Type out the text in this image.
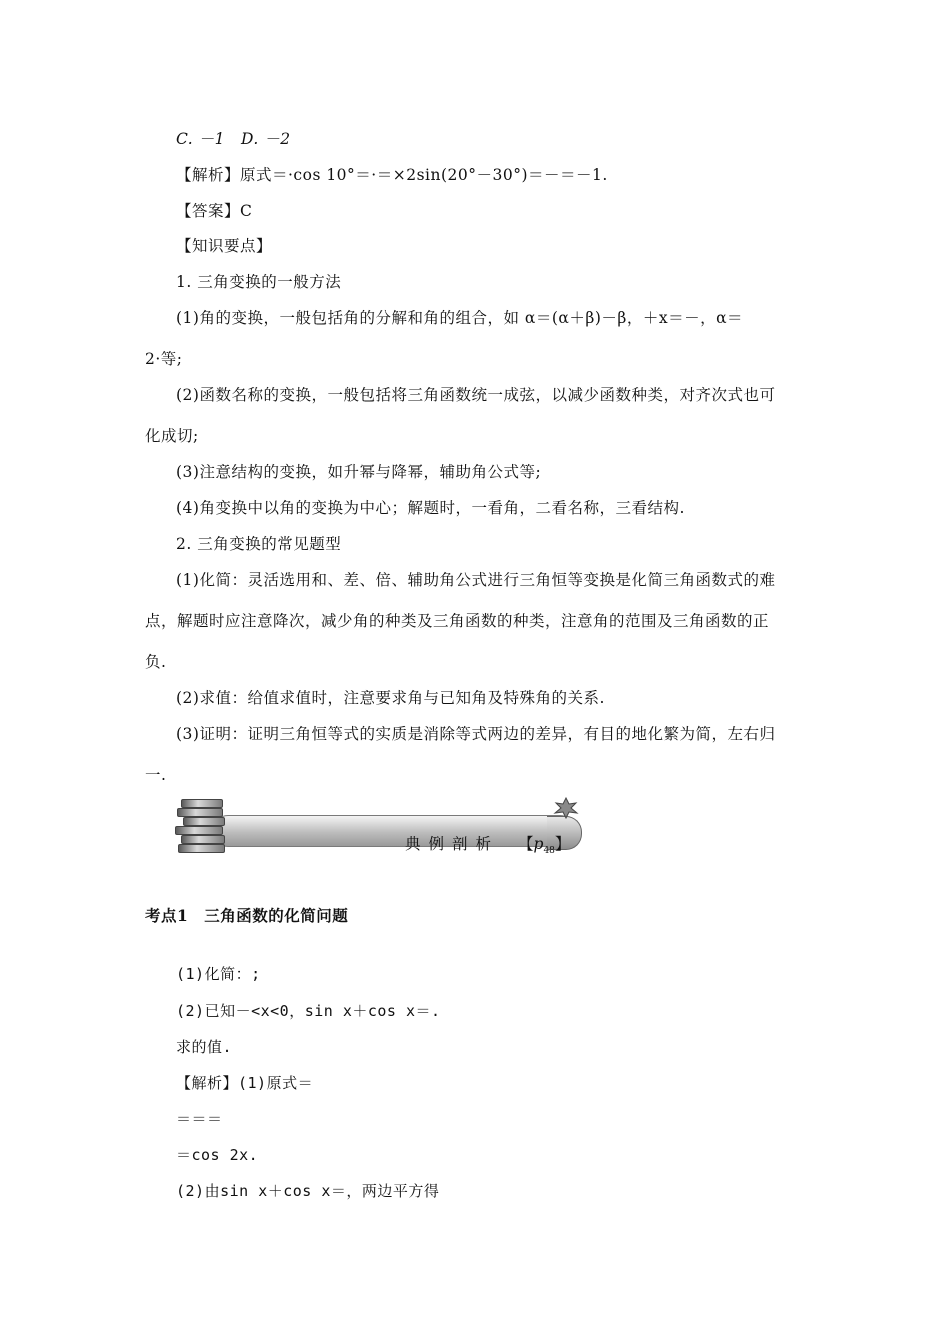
C. －1　D. －2
【解析】原式＝·cos 10°＝·＝×2sin(20°－30°)＝－＝－1.
【答案】C
【知识要点】
1. 三角变换的一般方法
(1)角的变换，一般包括角的分解和角的组合，如 α＝(α＋β)－β，＋x＝－，α＝
2·等;
(2)函数名称的变换，一般包括将三角函数统一成弦，以减少函数种类，对齐次式也可
化成切;
(3)注意结构的变换，如升幂与降幂，辅助角公式等;
(4)角变换中以角的变换为中心；解题时，一看角，二看名称，三看结构.
2. 三角变换的常见题型
(1)化简：灵活选用和、差、倍、辅助角公式进行三角恒等变换是化简三角函数式的难
点，解题时应注意降次，减少角的种类及三角函数的种类，注意角的范围及三角函数的正
负.
(2)求值：给值求值时，注意要求角与已知角及特殊角的关系.
(3)证明：证明三角恒等式的实质是消除等式两边的差异，有目的地化繁为简，左右归
一.
典例剖析 【$p_{48}$】
考点1　三角函数的化简问题
(1)化简：;
(2)已知－<x<0，sin x＋cos x＝.
求的值.
【解析】(1)原式＝
＝＝＝
＝cos 2x.
(2)由sin x＋cos x＝，两边平方得
